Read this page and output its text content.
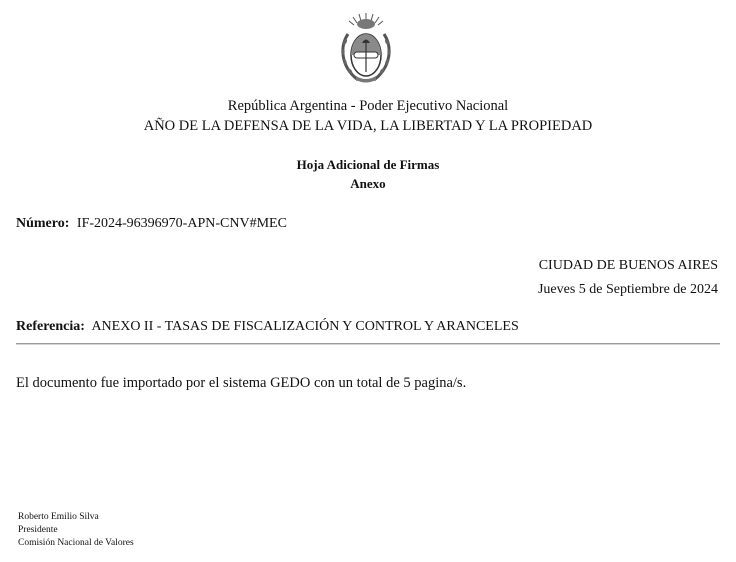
República Argentina - Poder Ejecutivo Nacional
AÑO DE LA DEFENSA DE LA VIDA, LA LIBERTAD Y LA PROPIEDAD
Hoja Adicional de Firmas
Anexo
Número: IF-2024-96396970-APN-CNV#MEC
CIUDAD DE BUENOS AIRES
Jueves 5 de Septiembre de 2024
Referencia: ANEXO II - TASAS DE FISCALIZACIÓN Y CONTROL Y ARANCELES
El documento fue importado por el sistema GEDO con un total de 5 pagina/s.
Roberto Emilio Silva
Presidente
Comisión Nacional de Valores
